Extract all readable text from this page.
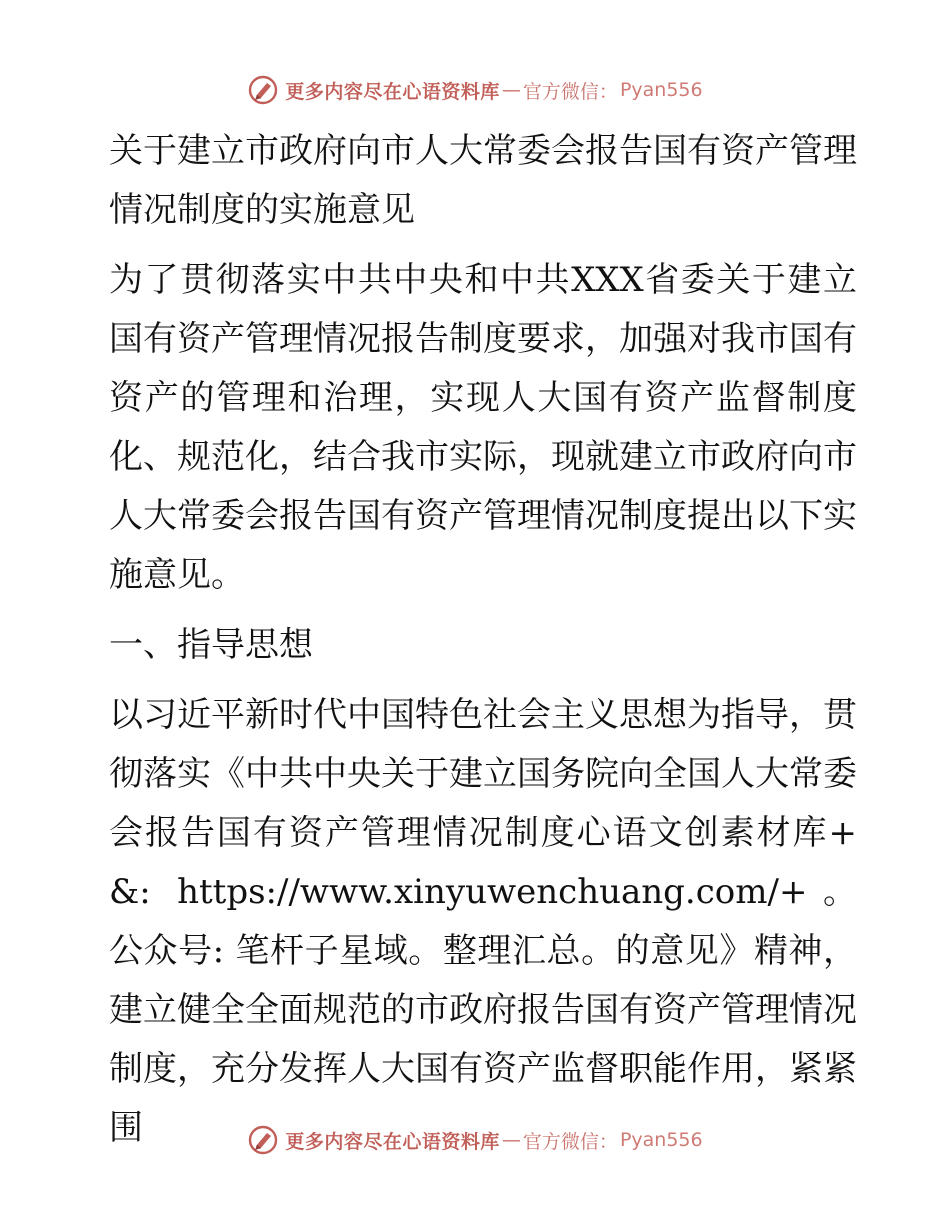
更多内容尽在心语资料库 — 官方微信： Pyan556

关于建立市政府向市人大常委会报告国有资产管理情况制度的实施意见

为了贯彻落实中共中央和中共XXX省委关于建立国有资产管理情况报告制度要求，加强对我市国有资产的管理和治理，实现人大国有资产监督制度化、规范化，结合我市实际，现就建立市政府向市人大常委会报告国有资产管理情况制度提出以下实施意见。

一、指导思想

以习近平新时代中国特色社会主义思想为指导，贯彻落实《中共中央关于建立国务院向全国人大常委会报告国有资产管理情况制度心语文创素材库+&: https://www.xinyuwenchuang.com/+。公众号: 笔杆子星域。整理汇总。的意见》精神，建立健全全面规范的市政府报告国有资产管理情况制度，充分发挥人大国有资产监督职能作用，紧紧围	更多内容尽在心语资料库 — 官方微信： Pyan556
